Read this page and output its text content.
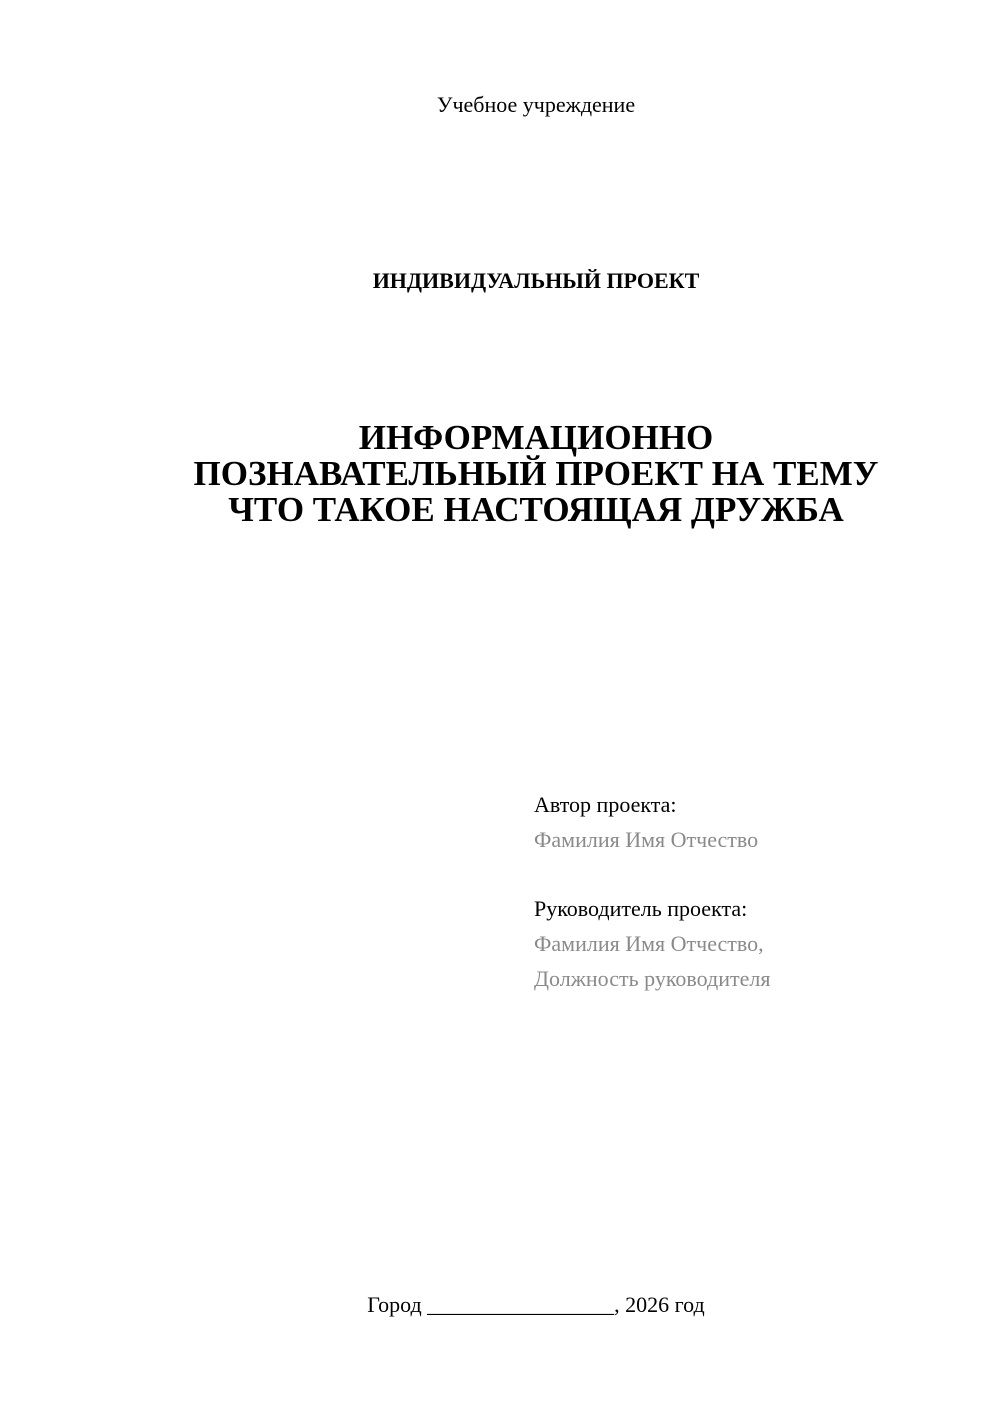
Учебное учреждение
ИНДИВИДУАЛЬНЫЙ ПРОЕКТ
ИНФОРМАЦИОННО
ПОЗНАВАТЕЛЬНЫЙ ПРОЕКТ НА ТЕМУ
ЧТО ТАКОЕ НАСТОЯЩАЯ ДРУЖБА
Автор проекта:
Фамилия Имя Отчество
Руководитель проекта:
Фамилия Имя Отчество,
Должность руководителя
Город _________________, 2026 год
